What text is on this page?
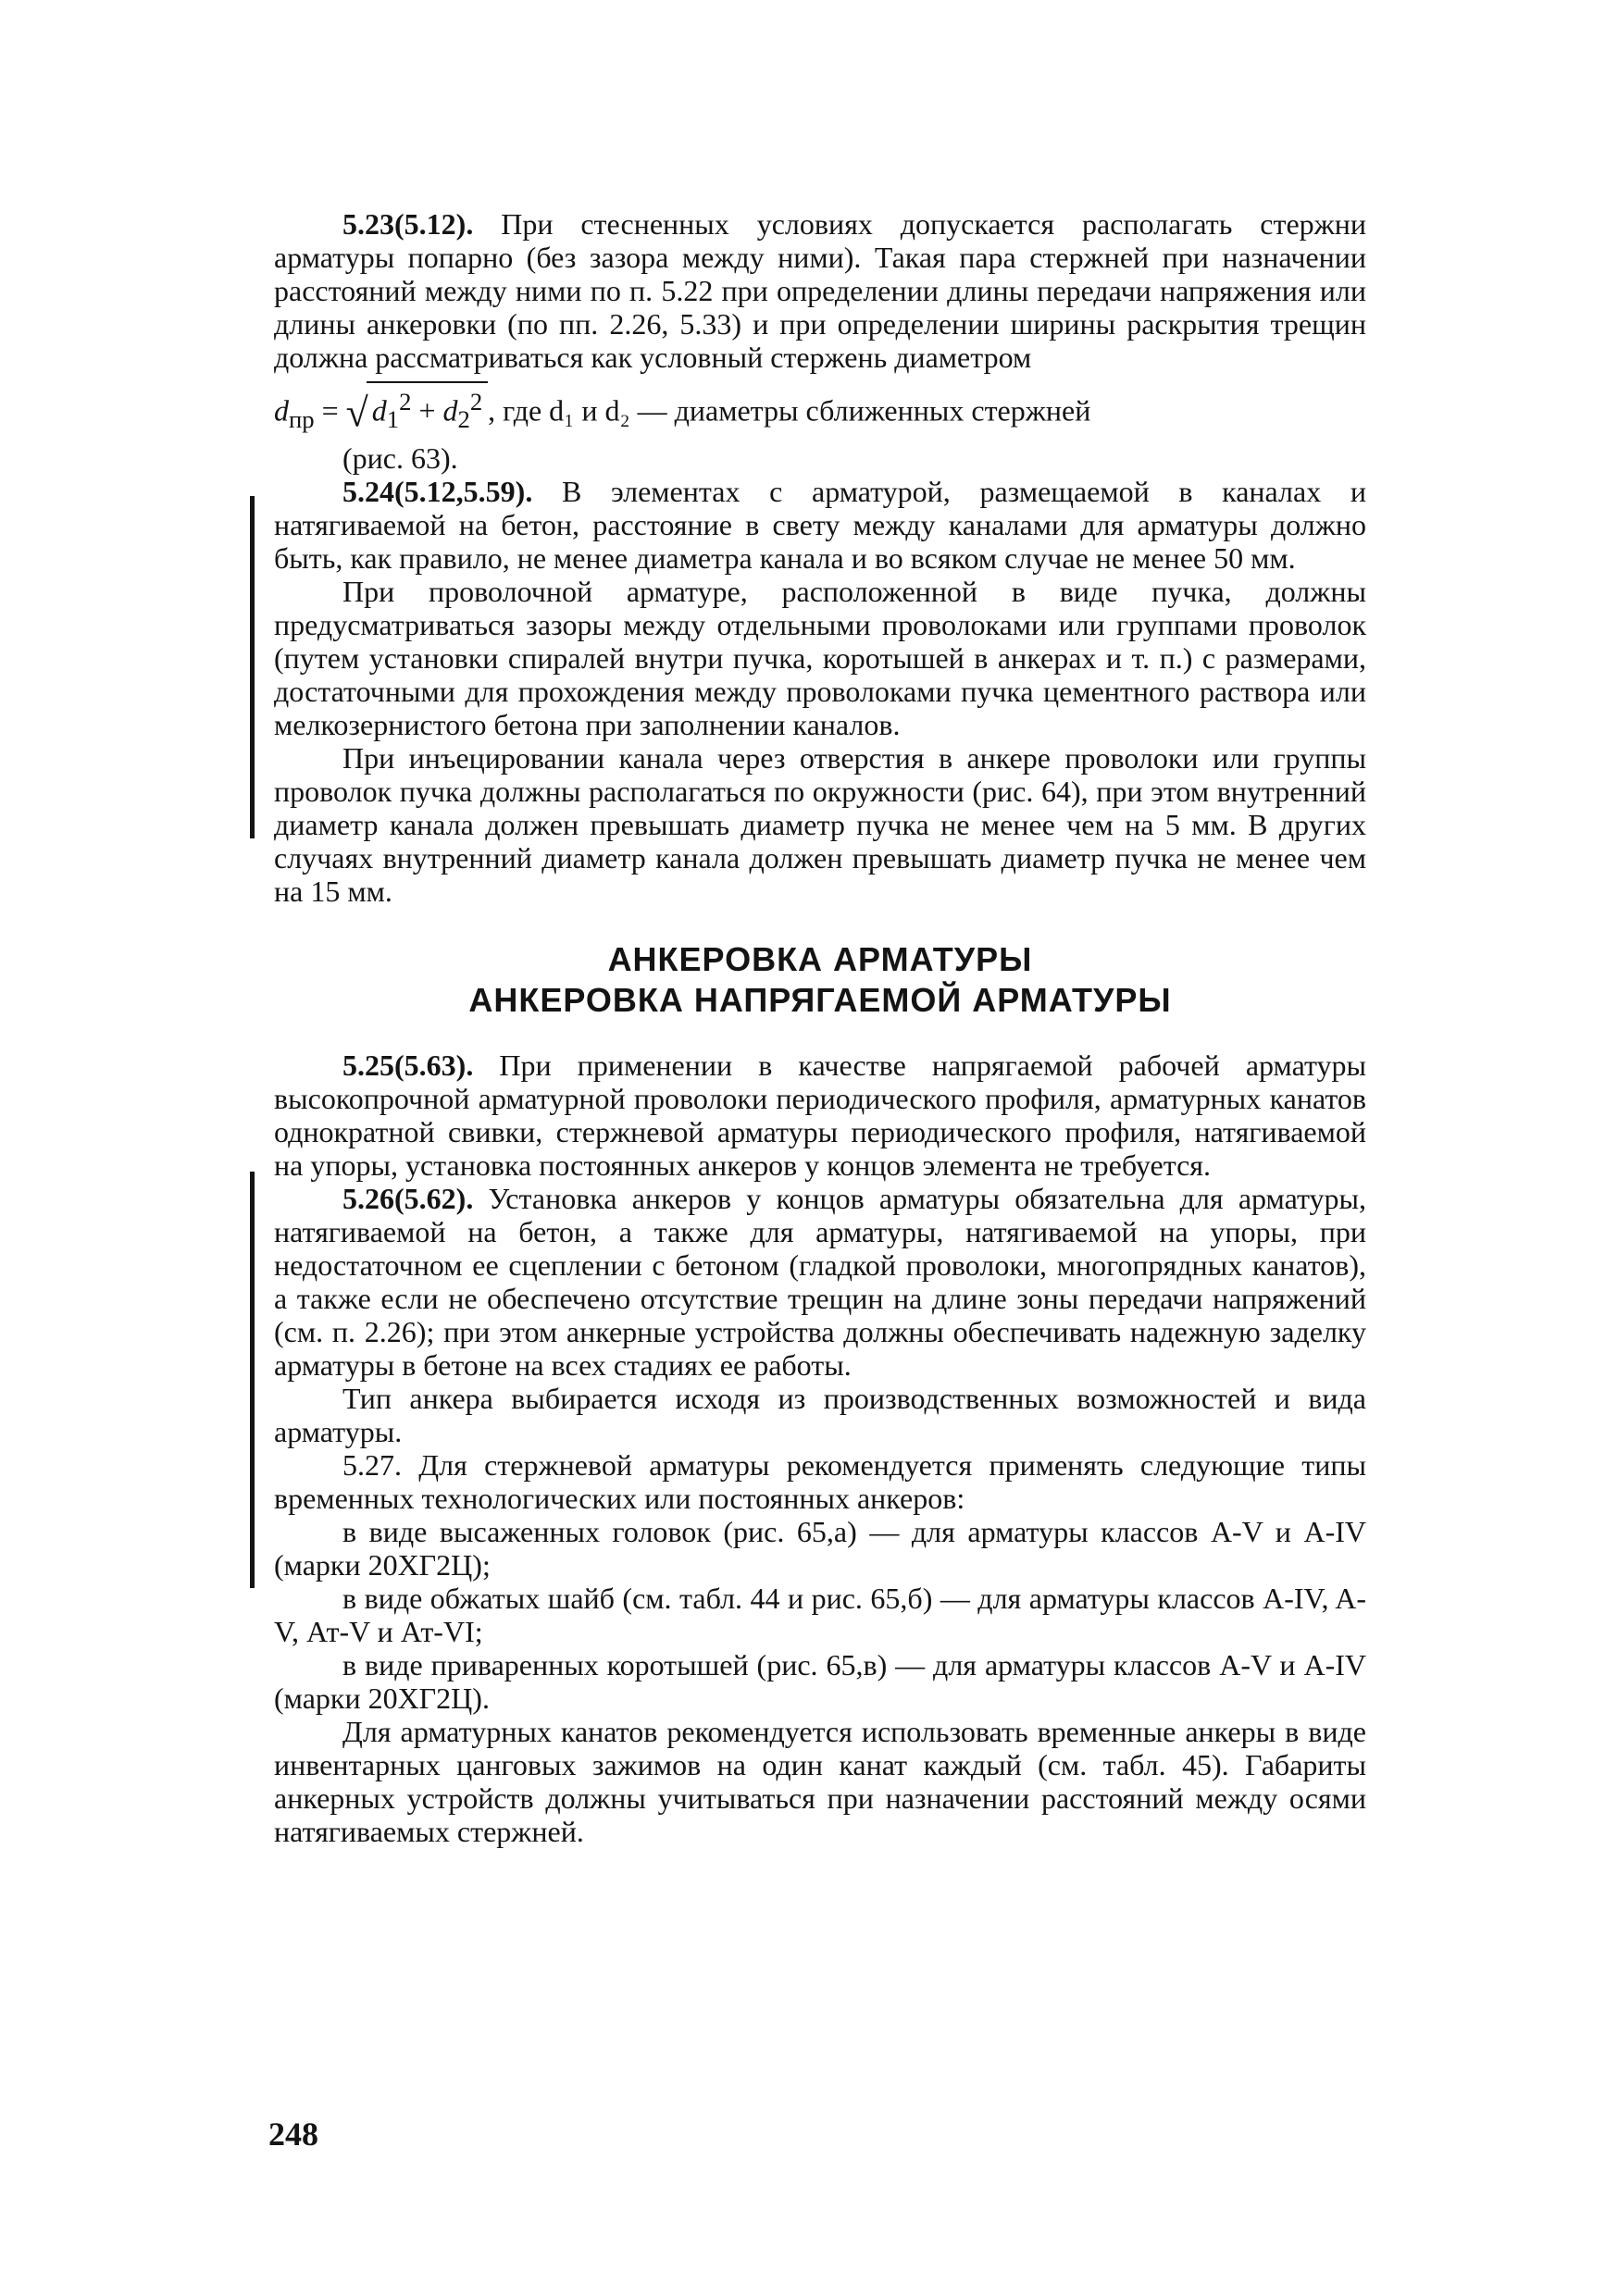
5.23(5.12). При стесненных условиях допускается располагать стержни арматуры попарно (без зазора между ними). Такая пара стержней при назначении расстояний между ними по п. 5.22 при определении длины передачи напряжения или длины анкеровки (по пп. 2.26, 5.33) и при определении ширины раскрытия трещин должна рассматриваться как условный стержень диаметром

$d_{пр}$ = √ $d_1^2 + d_2^2$ , где d₁ и d₂ — диаметры сближенных стержней

(рис. 63).

5.24(5.12,5.59). В элементах с арматурой, размещаемой в каналах и натягиваемой на бетон, расстояние в свету между каналами для арматуры должно быть, как правило, не менее диаметра канала и во всяком случае не менее 50 мм.

При проволочной арматуре, расположенной в виде пучка, должны предусматриваться зазоры между отдельными проволоками или группами проволок (путем установки спиралей внутри пучка, коротышей в анкерах и т. п.) с размерами, достаточными для прохождения между проволоками пучка цементного раствора или мелкозернистого бетона при заполнении каналов.

При инъецировании канала через отверстия в анкере проволоки или группы проволок пучка должны располагаться по окружности (рис. 64), при этом внутренний диаметр канала должен превышать диаметр пучка не менее чем на 5 мм. В других случаях внутренний диаметр канала должен превышать диаметр пучка не менее чем на 15 мм.

АНКЕРОВКА АРМАТУРЫ
АНКЕРОВКА НАПРЯГАЕМОЙ АРМАТУРЫ

5.25(5.63). При применении в качестве напрягаемой рабочей арматуры высокопрочной арматурной проволоки периодического профиля, арматурных канатов однократной свивки, стержневой арматуры периодического профиля, натягиваемой на упоры, установка постоянных анкеров у концов элемента не требуется.

5.26(5.62). Установка анкеров у концов арматуры обязательна для арматуры, натягиваемой на бетон, а также для арматуры, натягиваемой на упоры, при недостаточном ее сцеплении с бетоном (гладкой проволоки, многопрядных канатов), а также если не обеспечено отсутствие трещин на длине зоны передачи напряжений (см. п. 2.26); при этом анкерные устройства должны обеспечивать надежную заделку арматуры в бетоне на всех стадиях ее работы.

Тип анкера выбирается исходя из производственных возможностей и вида арматуры.

5.27. Для стержневой арматуры рекомендуется применять следующие типы временных технологических или постоянных анкеров:

в виде высаженных головок (рис. 65,а) — для арматуры классов A-V и A-IV (марки 20ХГ2Ц);

в виде обжатых шайб (см. табл. 44 и рис. 65,б) — для арматуры классов A-IV, A-V, Ат-V и Ат-VI;

в виде приваренных коротышей (рис. 65,в) — для арматуры классов A-V и A-IV (марки 20ХГ2Ц).

Для арматурных канатов рекомендуется использовать временные анкеры в виде инвентарных цанговых зажимов на один канат каждый (см. табл. 45). Габариты анкерных устройств должны учитываться при назначении расстояний между осями натягиваемых стержней.

248
